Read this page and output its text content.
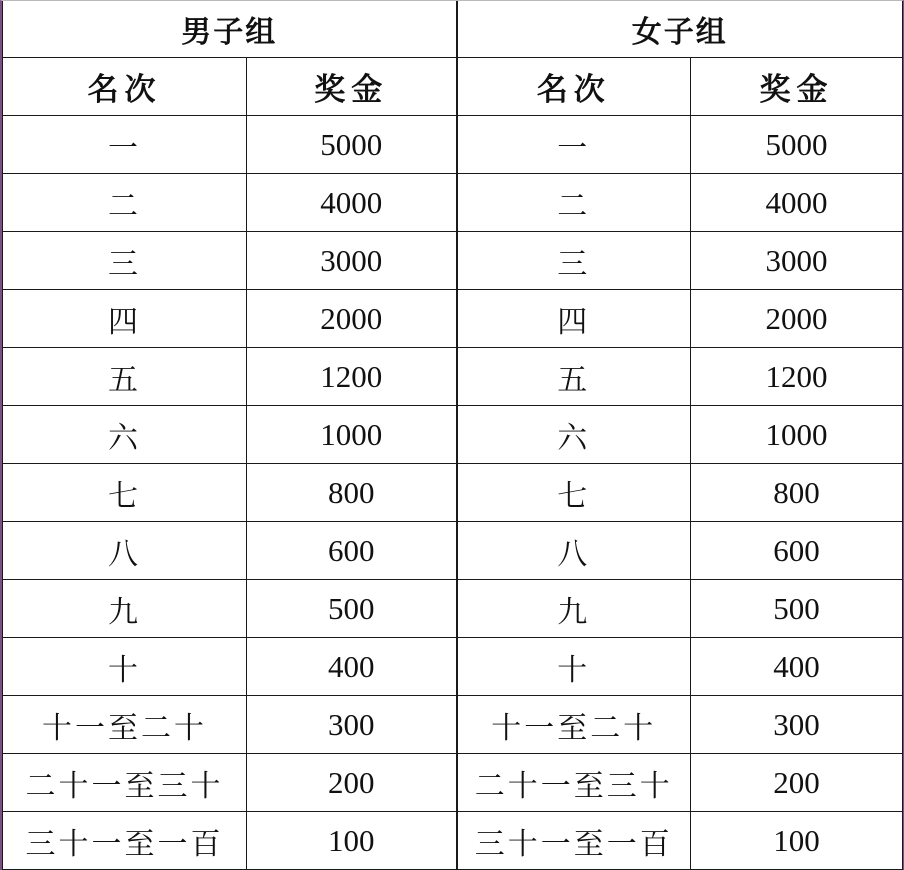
男子组		女子组	
名次	奖金	名次	奖金
一	5000	一	5000
二	4000	二	4000
三	3000	三	3000
四	2000	四	2000
五	1200	五	1200
六	1000	六	1000
七	800	七	800
八	600	八	600
九	500	九	500
十	400	十	400
十一至二十	300	十一至二十	300
二十一至三十	200	二十一至三十	200
三十一至一百	100	三十一至一百	100
